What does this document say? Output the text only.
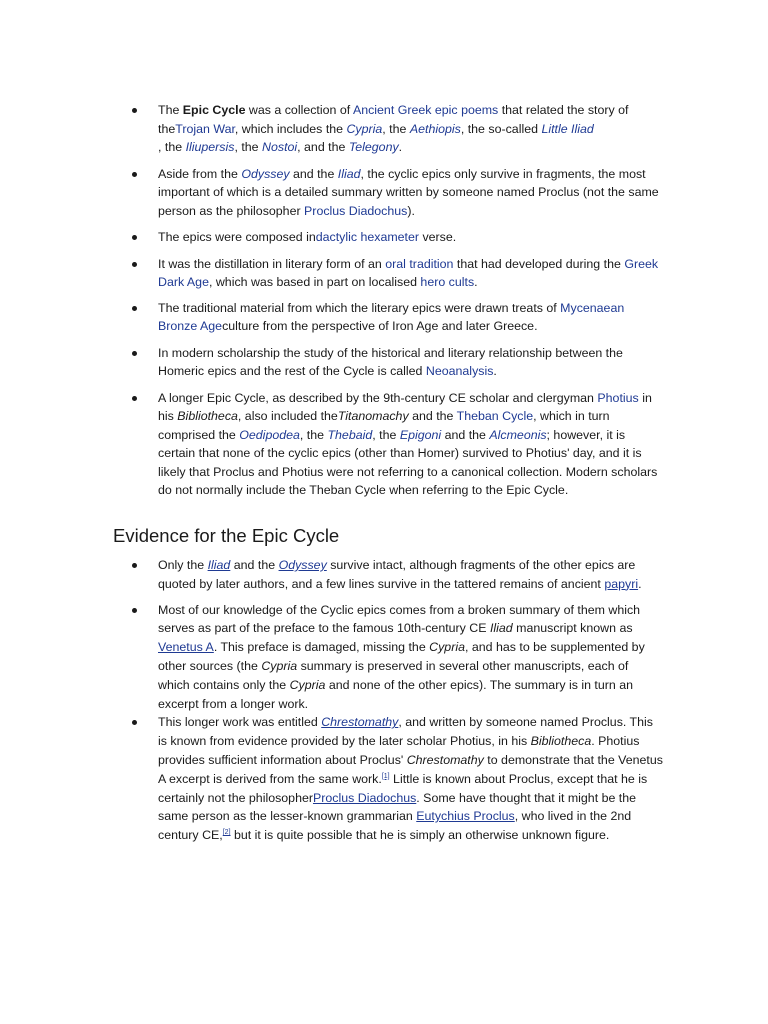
The Epic Cycle was a collection of Ancient Greek epic poems that related the story of theTrojan War, which includes the Cypria, the Aethiopis, the so-called Little Iliad
, the Iliupersis, the Nostoi, and the Telegony.
Aside from the Odyssey and the Iliad, the cyclic epics only survive in fragments, the most important of which is a detailed summary written by someone named Proclus (not the same person as the philosopher Proclus Diadochus).
The epics were composed indactylic hexameter verse.
It was the distillation in literary form of an oral tradition that had developed during the Greek Dark Age, which was based in part on localised hero cults.
The traditional material from which the literary epics were drawn treats of Mycenaean Bronze Ageculture from the perspective of Iron Age and later Greece.
In modern scholarship the study of the historical and literary relationship between the Homeric epics and the rest of the Cycle is called Neoanalysis.
A longer Epic Cycle, as described by the 9th-century CE scholar and clergyman Photius in his Bibliotheca, also included theTitanomachy and the Theban Cycle, which in turn comprised the Oedipodea, the Thebaid, the Epigoni and the Alcmeonis; however, it is certain that none of the cyclic epics (other than Homer) survived to Photius' day, and it is likely that Proclus and Photius were not referring to a canonical collection. Modern scholars do not normally include the Theban Cycle when referring to the Epic Cycle.
Evidence for the Epic Cycle
Only the Iliad and the Odyssey survive intact, although fragments of the other epics are quoted by later authors, and a few lines survive in the tattered remains of ancient papyri.
Most of our knowledge of the Cyclic epics comes from a broken summary of them which serves as part of the preface to the famous 10th-century CE Iliad manuscript known as Venetus A. This preface is damaged, missing the Cypria, and has to be supplemented by other sources (the Cypria summary is preserved in several other manuscripts, each of which contains only the Cypria and none of the other epics). The summary is in turn an excerpt from a longer work.
This longer work was entitled Chrestomathy, and written by someone named Proclus. This is known from evidence provided by the later scholar Photius, in his Bibliotheca. Photius provides sufficient information about Proclus' Chrestomathy to demonstrate that the Venetus A excerpt is derived from the same work.[1] Little is known about Proclus, except that he is certainly not the philosopherProclus Diadochus. Some have thought that it might be the same person as the lesser-known grammarian Eutychius Proclus, who lived in the 2nd century CE,[2] but it is quite possible that he is simply an otherwise unknown figure.
